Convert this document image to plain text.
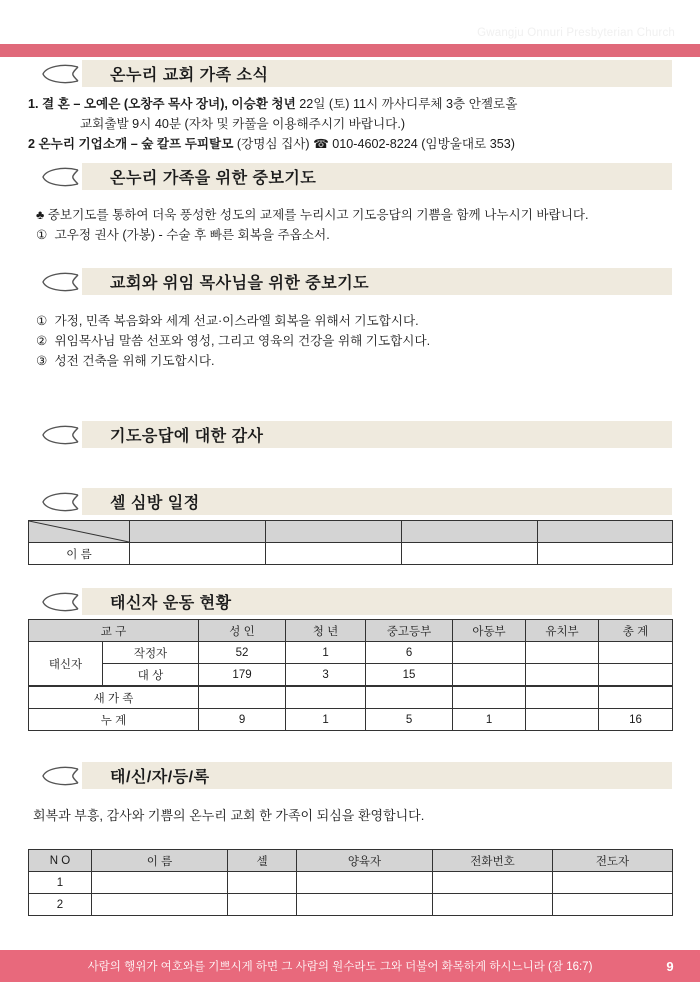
Gwangju Onnuri Presbyterian Church
온누리 교회 가족 소식
1. 결 혼 – 오예은 (오창주 목사 장녀), 이승환 청년 22일 (토) 11시 까사디루체 3층 안젤로홀
교회출발 9시 40분 (자차 및 카풀을 이용해주시기 바랍니다.)
2 온누리 기업소개 – 숲 칼프 두피탈모 (강명심 집사) ☎ 010-4602-8224 (임방울대로 353)
온누리 가족을 위한 중보기도
♣ 중보기도를 통하여 더욱 풍성한 성도의 교제를 누리시고 기도응답의 기쁨을 함께 나누시기 바랍니다.
① 고우정 권사 (가봉) - 수술 후 빠른 회복을 주옵소서.
교회와 위임 목사님을 위한 중보기도
① 가정, 민족 복음화와 세계 선교·이스라엘 회복을 위해서 기도합시다.
② 위임목사님 말씀 선포와 영성, 그리고 영육의 건강을 위해 기도합시다.
③ 성전 건축을 위해 기도합시다.
기도응답에 대한 감사
셀 심방 일정

이 름				
태신자 운동 현황
교 구		성 인	청 년	중고등부	아동부	유치부	총 계
태신자	작정자	52	1	6			
	대 상	179	3	15			
새 가 족							
누 계		9	1	5	1		16
태/신/자/등/록
회복과 부흥, 감사와 기쁨의 온누리 교회 한 가족이 되심을 환영합니다.
N O	이 름	셀	양육자	전화번호	전도자
1					
2					
사람의 행위가 여호와를 기쁘시게 하면 그 사람의 원수라도 그와 더불어 화목하게 하시느니라 (잠 16:7)	9
